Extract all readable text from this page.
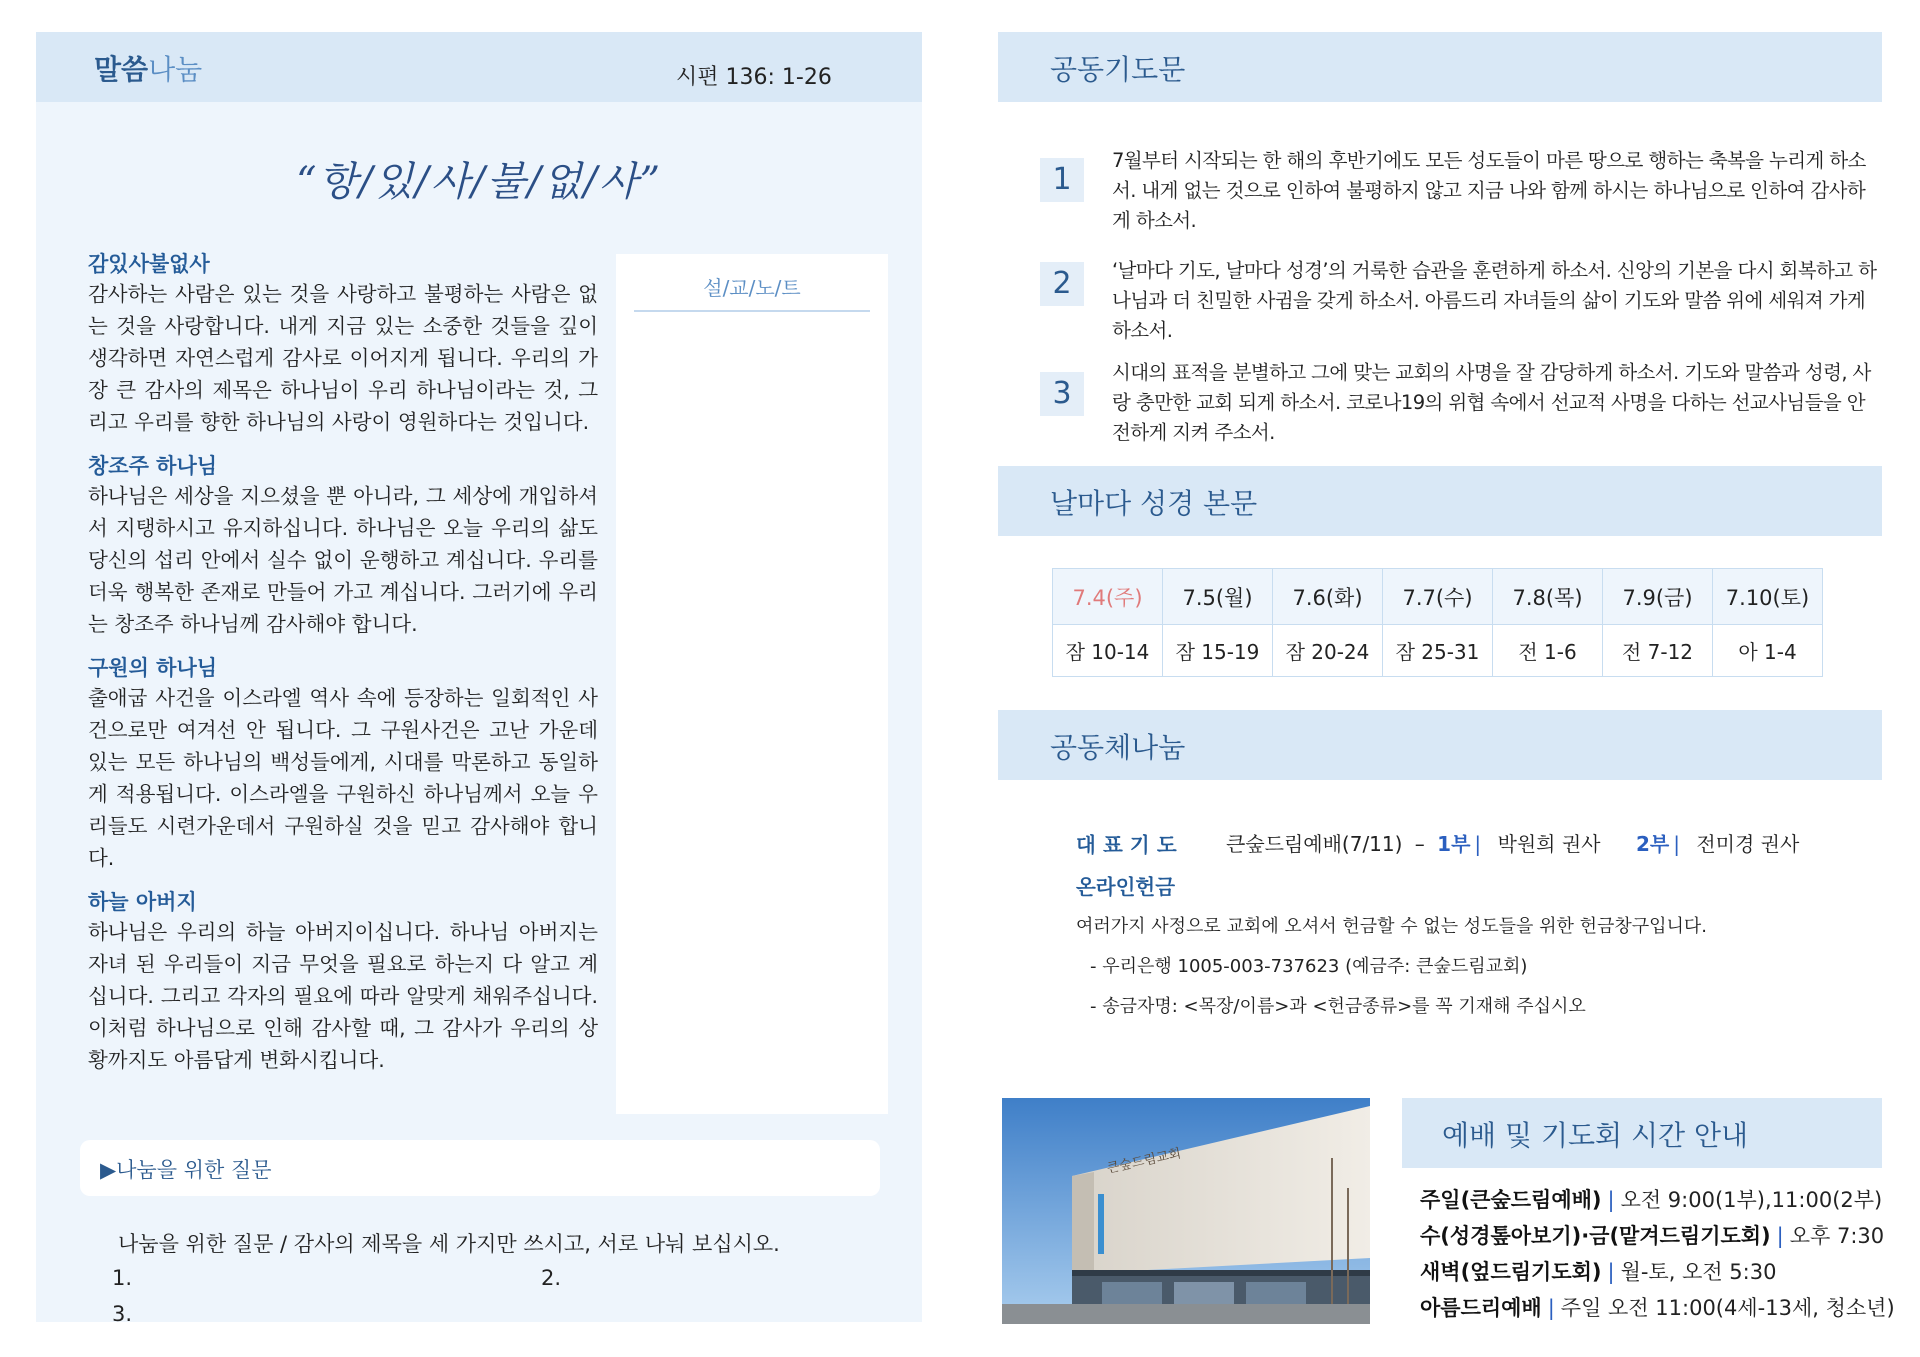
말씀나눔	시편 136: 1-26
“항/있/사/불/없/사”
감있사불없사
감사하는 사람은 있는 것을 사랑하고 불평하는 사람은 없는 것을 사랑합니다. 내게 지금 있는 소중한 것들을 깊이 생각하면 자연스럽게 감사로 이어지게 됩니다. 우리의 가장 큰 감사의 제목은 하나님이 우리 하나님이라는 것, 그리고 우리를 향한 하나님의 사랑이 영원하다는 것입니다.
창조주 하나님
하나님은 세상을 지으셨을 뿐 아니라, 그 세상에 개입하셔서 지탱하시고 유지하십니다. 하나님은 오늘 우리의 삶도 당신의 섭리 안에서 실수 없이 운행하고 계십니다. 우리를 더욱 행복한 존재로 만들어 가고 계십니다. 그러기에 우리는 창조주 하나님께 감사해야 합니다.
구원의 하나님
출애굽 사건을 이스라엘 역사 속에 등장하는 일회적인 사건으로만 여겨선 안 됩니다. 그 구원사건은 고난 가운데 있는 모든 하나님의 백성들에게, 시대를 막론하고 동일하게 적용됩니다. 이스라엘을 구원하신 하나님께서 오늘 우리들도 시련가운데서 구원하실 것을 믿고 감사해야 합니다.
하늘 아버지
하나님은 우리의 하늘 아버지이십니다. 하나님 아버지는 자녀 된 우리들이 지금 무엇을 필요로 하는지 다 알고 계십니다. 그리고 각자의 필요에 따라 알맞게 채워주십니다. 이처럼 하나님으로 인해 감사할 때, 그 감사가 우리의 상황까지도 아름답게 변화시킵니다.
설/교/노/트
▶나눔을 위한 질문
나눔을 위한 질문 / 감사의 제목을 세 가지만 쓰시고, 서로 나눠 보십시오.
1.	2.
3.
공동기도문
1
7월부터 시작되는 한 해의 후반기에도 모든 성도들이 마른 땅으로 행하는 축복을 누리게 하소서. 내게 없는 것으로 인하여 불평하지 않고 지금 나와 함께 하시는 하나님으로 인하여 감사하게 하소서.
2	‘날마다 기도, 날마다 성경’의 거룩한 습관을 훈련하게 하소서. 신앙의 기본을 다시 회복하고 하나님과 더 친밀한 사귐을 갖게 하소서. 아름드리 자녀들의 삶이 기도와 말씀 위에 세워져 가게 하소서.
3
시대의 표적을 분별하고 그에 맞는 교회의 사명을 잘 감당하게 하소서. 기도와 말씀과 성령, 사랑 충만한 교회 되게 하소서. 코로나19의 위협 속에서 선교적 사명을 다하는 선교사님들을 안전하게 지켜 주소서.
날마다 성경 본문
7.4(주)	7.5(월)	7.6(화)	7.7(수)	7.8(목)	7.9(금)	7.10(토)
잠 10-14	잠 15-19	잠 20-24	잠 25-31	전 1-6	전 7-12	아 1-4
공동체나눔
대 표 기 도 큰숲드림예배(7/11) – 1부 | 박원희 권사 2부 | 전미경 권사
온라인헌금
여러가지 사정으로 교회에 오셔서 헌금할 수 없는 성도들을 위한 헌금창구입니다.
- 우리은행 1005-003-737623 (예금주: 큰숲드림교회)
- 송금자명: <목장/이름>과 <헌금종류>를 꼭 기재해 주십시오
큰숲드림교회
예배 및 기도회 시간 안내
주일(큰숲드림예배) | 오전 9:00(1부),11:00(2부)
수(성경톺아보기)·금(맡겨드림기도회) | 오후 7:30
새벽(엎드림기도회) | 월-토, 오전 5:30
아름드리예배 | 주일 오전 11:00(4세-13세, 청소년)
